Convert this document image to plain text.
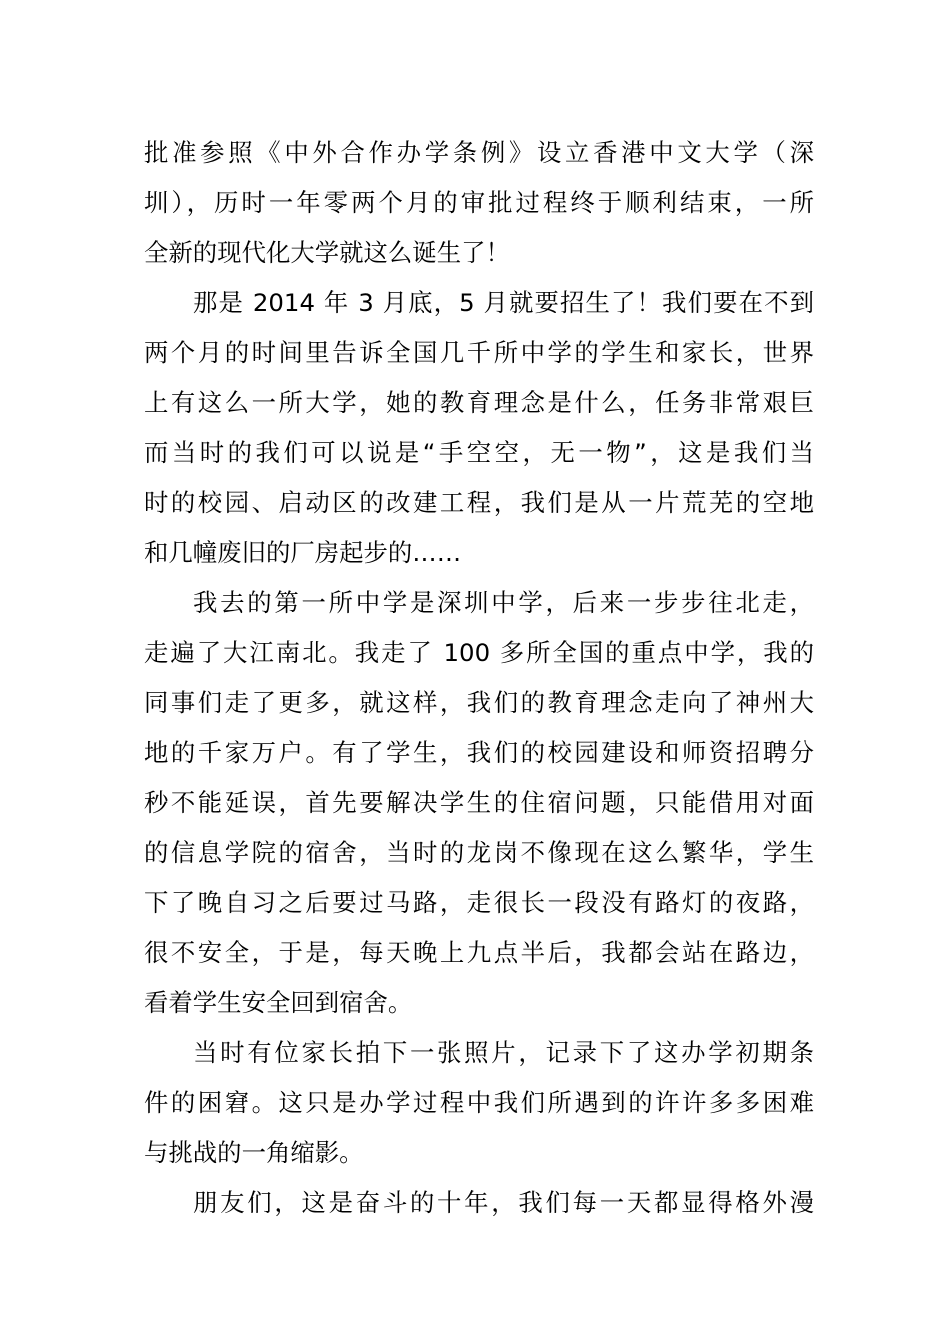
批准参照《中外合作办学条例》设立香港中文大学（深
圳），历时一年零两个月的审批过程终于顺利结束，一所
全新的现代化大学就这么诞生了！
那是 2014 年 3 月底，5 月就要招生了！我们要在不到
两个月的时间里告诉全国几千所中学的学生和家长，世界
上有这么一所大学，她的教育理念是什么，任务非常艰巨
而当时的我们可以说是“手空空，无一物”，这是我们当
时的校园、启动区的改建工程，我们是从一片荒芜的空地
和几幢废旧的厂房起步的……
我去的第一所中学是深圳中学，后来一步步往北走，
走遍了大江南北。我走了 100 多所全国的重点中学，我的
同事们走了更多，就这样，我们的教育理念走向了神州大
地的千家万户。有了学生，我们的校园建设和师资招聘分
秒不能延误，首先要解决学生的住宿问题，只能借用对面
的信息学院的宿舍，当时的龙岗不像现在这么繁华，学生
下了晚自习之后要过马路，走很长一段没有路灯的夜路，
很不安全，于是，每天晚上九点半后，我都会站在路边，
看着学生安全回到宿舍。
当时有位家长拍下一张照片，记录下了这办学初期条
件的困窘。这只是办学过程中我们所遇到的许许多多困难
与挑战的一角缩影。
朋友们，这是奋斗的十年，我们每一天都显得格外漫
